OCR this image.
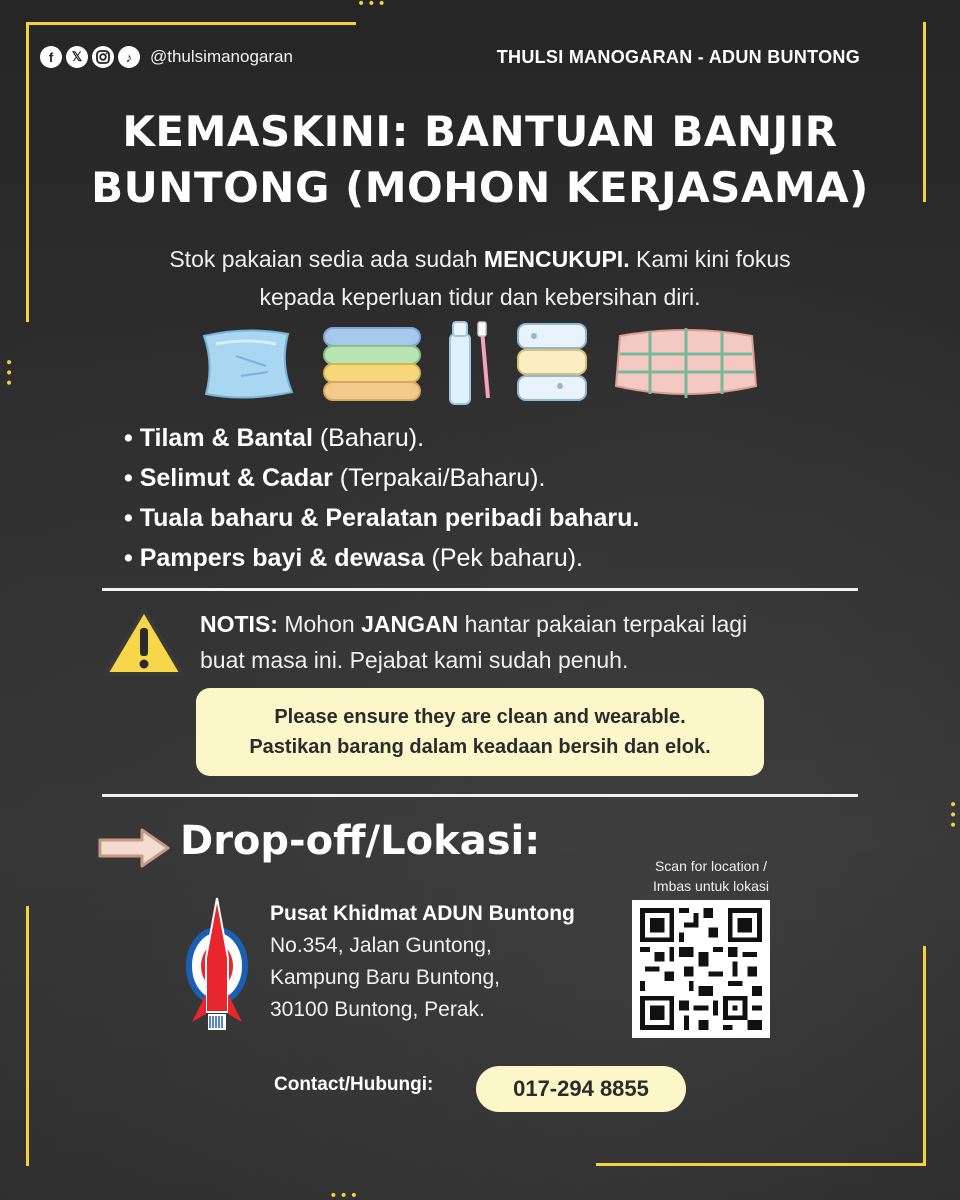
•••
•••
•••
•••
f	𝕏	♪	@thulsimanogaran	THULSI MANOGARAN - ADUN BUNTONG
KEMASKINI: BANTUAN BANJIR
BUNTONG (MOHON KERJASAMA)
Stok pakaian sedia ada sudah MENCUKUPI. Kami kini fokus
kepada keperluan tidur dan kebersihan diri.
• Tilam & Bantal (Baharu).
• Selimut & Cadar (Terpakai/Baharu).
• Tuala baharu & Peralatan peribadi baharu.
• Pampers bayi & dewasa (Pek baharu).
NOTIS: Mohon JANGAN hantar pakaian terpakai lagi
buat masa ini. Pejabat kami sudah penuh.
Please ensure they are clean and wearable.
Pastikan barang dalam keadaan bersih dan elok.
Drop-off/Lokasi:
Scan for location /
Imbas untuk lokasi
Pusat Khidmat ADUN Buntong
No.354, Jalan Guntong,
Kampung Baru Buntong,
30100 Buntong, Perak.
Contact/Hubungi:	017-294 8855
